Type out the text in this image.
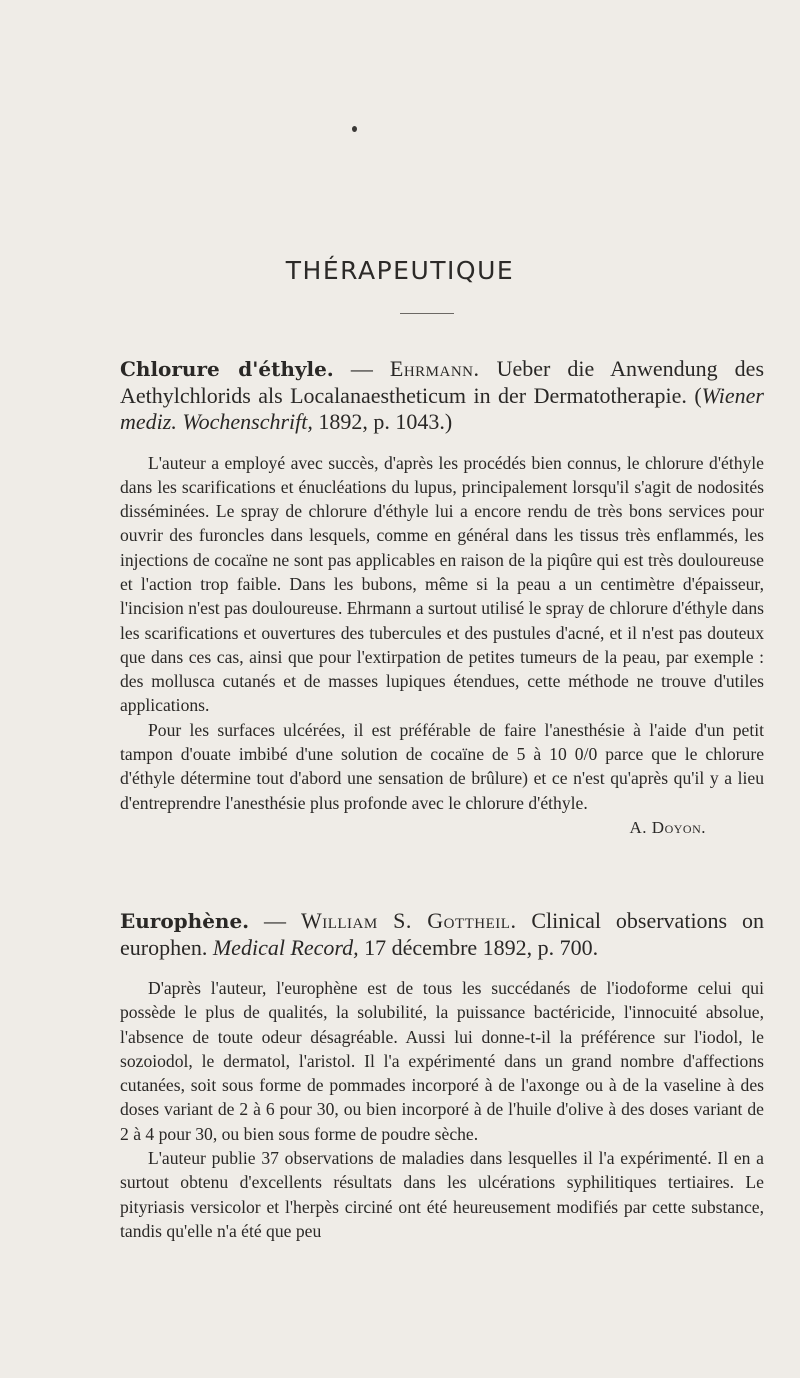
THÉRAPEUTIQUE
Chlorure d'éthyle. — Ehrmann. Ueber die Anwendung des Aethylchlorids als Localanaestheticum in der Dermatotherapie. (Wiener mediz. Wochenschrift, 1892, p. 1043.)

L'auteur a employé avec succès, d'après les procédés bien connus, le chlorure d'éthyle dans les scarifications et énucléations du lupus, principalement lorsqu'il s'agit de nodosités disséminées. Le spray de chlorure d'éthyle lui a encore rendu de très bons services pour ouvrir des furoncles dans lesquels, comme en général dans les tissus très enflammés, les injections de cocaïne ne sont pas applicables en raison de la piqûre qui est très douloureuse et l'action trop faible. Dans les bubons, même si la peau a un centimètre d'épaisseur, l'incision n'est pas douloureuse. Ehrmann a surtout utilisé le spray de chlorure d'éthyle dans les scarifications et ouvertures des tubercules et des pustules d'acné, et il n'est pas douteux que dans ces cas, ainsi que pour l'extirpation de petites tumeurs de la peau, par exemple : des mollusca cutanés et de masses lupiques étendues, cette méthode ne trouve d'utiles applications.

Pour les surfaces ulcérées, il est préférable de faire l'anesthésie à l'aide d'un petit tampon d'ouate imbibé d'une solution de cocaïne de 5 à 10 0/0 parce que le chlorure d'éthyle détermine tout d'abord une sensation de brûlure) et ce n'est qu'après qu'il y a lieu d'entreprendre l'anesthésie plus profonde avec le chlorure d'éthyle.

A. Doyon.
Europhène. — William S. Gottheil. Clinical observations on europhen. Medical Record, 17 décembre 1892, p. 700.

D'après l'auteur, l'europhène est de tous les succédanés de l'iodoforme celui qui possède le plus de qualités, la solubilité, la puissance bactéricide, l'innocuité absolue, l'absence de toute odeur désagréable. Aussi lui donne-t-il la préférence sur l'iodol, le sozoiodol, le dermatol, l'aristol. Il l'a expérimenté dans un grand nombre d'affections cutanées, soit sous forme de pommades incorporé à de l'axonge ou à de la vaseline à des doses variant de 2 à 6 pour 30, ou bien incorporé à de l'huile d'olive à des doses variant de 2 à 4 pour 30, ou bien sous forme de poudre sèche.

L'auteur publie 37 observations de maladies dans lesquelles il l'a expérimenté. Il en a surtout obtenu d'excellents résultats dans les ulcérations syphilitiques tertiaires. Le pityriasis versicolor et l'herpès circiné ont été heureusement modifiés par cette substance, tandis qu'elle n'a été que peu
